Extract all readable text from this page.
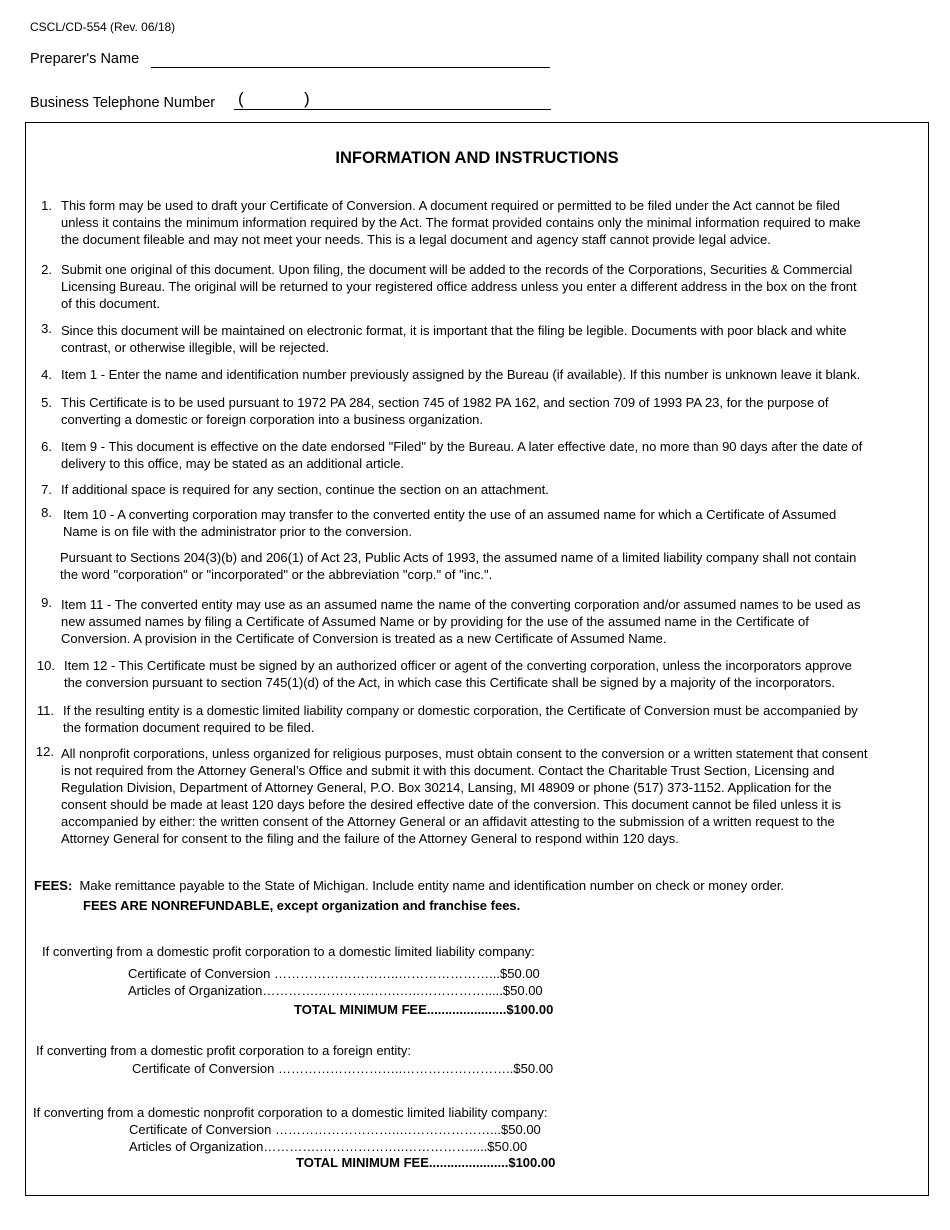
CSCL/CD-554 (Rev. 06/18)
Preparer's Name
Business Telephone Number (	)
INFORMATION AND INSTRUCTIONS
1. This form may be used to draft your Certificate of Conversion. A document required or permitted to be filed under the Act cannot be filed
unless it contains the minimum information required by the Act. The format provided contains only the minimal information required to make
the document fileable and may not meet your needs. This is a legal document and agency staff cannot provide legal advice.
2. Submit one original of this document. Upon filing, the document will be added to the records of the Corporations, Securities & Commercial
Licensing Bureau. The original will be returned to your registered office address unless you enter a different address in the box on the front
of this document.
3. Since this document will be maintained on electronic format, it is important that the filing be legible. Documents with poor black and white
contrast, or otherwise illegible, will be rejected.
4. Item 1 - Enter the name and identification number previously assigned by the Bureau (if available). If this number is unknown leave it blank.
5. This Certificate is to be used pursuant to 1972 PA 284, section 745 of 1982 PA 162, and section 709 of 1993 PA 23, for the purpose of
converting a domestic or foreign corporation into a business organization.
6. Item 9 - This document is effective on the date endorsed "Filed" by the Bureau. A later effective date, no more than 90 days after the date of
delivery to this office, may be stated as an additional article.
7. If additional space is required for any section, continue the section on an attachment.
8. Item 10 - A converting corporation may transfer to the converted entity the use of an assumed name for which a Certificate of Assumed
Name is on file with the administrator prior to the conversion.
Pursuant to Sections 204(3)(b) and 206(1) of Act 23, Public Acts of 1993, the assumed name of a limited liability company shall not contain
the word "corporation" or "incorporated" or the abbreviation "corp." of "inc.".
9. Item 11 - The converted entity may use as an assumed name the name of the converting corporation and/or assumed names to be used as
new assumed names by filing a Certificate of Assumed Name or by providing for the use of the assumed name in the Certificate of
Conversion. A provision in the Certificate of Conversion is treated as a new Certificate of Assumed Name.
10. Item 12 - This Certificate must be signed by an authorized officer or agent of the converting corporation, unless the incorporators approve
the conversion pursuant to section 745(1)(d) of the Act, in which case this Certificate shall be signed by a majority of the incorporators.
11. If the resulting entity is a domestic limited liability company or domestic corporation, the Certificate of Conversion must be accompanied by
the formation document required to be filed.
12. All nonprofit corporations, unless organized for religious purposes, must obtain consent to the conversion or a written statement that consent
is not required from the Attorney General’s Office and submit it with this document. Contact the Charitable Trust Section, Licensing and
Regulation Division, Department of Attorney General, P.O. Box 30214, Lansing, MI 48909 or phone (517) 373-1152. Application for the
consent should be made at least 120 days before the desired effective date of the conversion. This document cannot be filed unless it is
accompanied by either: the written consent of the Attorney General or an affidavit attesting to the submission of a written request to the
Attorney General for consent to the filing and the failure of the Attorney General to respond within 120 days.
FEES: Make remittance payable to the State of Michigan. Include entity name and identification number on check or money order.
FEES ARE NONREFUNDABLE, except organization and franchise fees.
If converting from a domestic profit corporation to a domestic limited liability company:
Certificate of Conversion ………………………..…………………...$50.00
Articles of Organization………….……………….…..…………….....$50.00
TOTAL MINIMUM FEE......................$100.00
If converting from a domestic profit corporation to a foreign entity:
Certificate of Conversion ………………………..……………………..$50.00
If converting from a domestic nonprofit corporation to a domestic limited liability company:
Certificate of Conversion ………………………..…………………...$50.00
Articles of Organization………….………………..…………….....$50.00
TOTAL MINIMUM FEE......................$100.00
